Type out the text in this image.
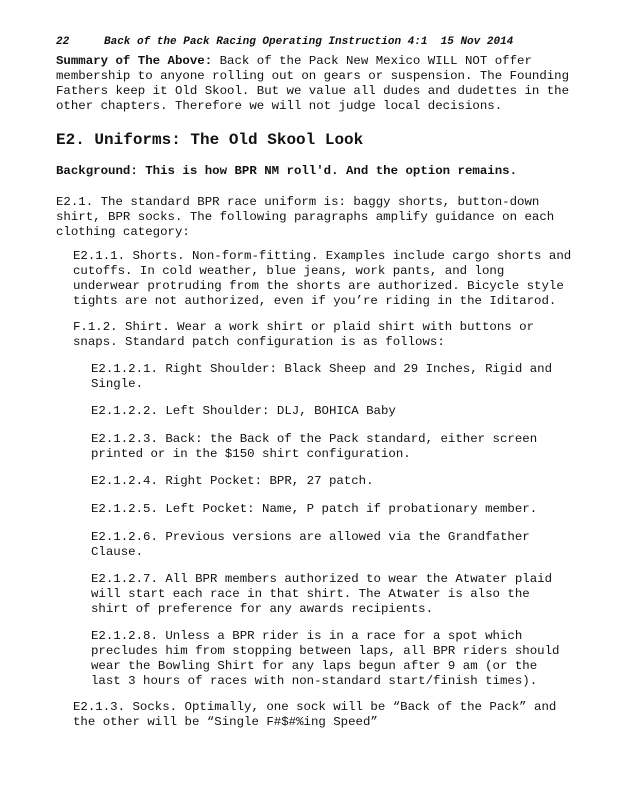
22	Back of the Pack Racing Operating Instruction 4:1 15 Nov 2014
Summary of The Above: Back of the Pack New Mexico WILL NOT offer
membership to anyone rolling out on gears or suspension. The Founding
Fathers keep it Old Skool. But we value all dudes and dudettes in the
other chapters. Therefore we will not judge local decisions.
E2. Uniforms: The Old Skool Look
Background: This is how BPR NM roll'd. And the option remains.
E2.1. The standard BPR race uniform is: baggy shorts, button-down
shirt, BPR socks. The following paragraphs amplify guidance on each
clothing category:
E2.1.1. Shorts. Non-form-fitting. Examples include cargo shorts and
cutoffs. In cold weather, blue jeans, work pants, and long
underwear protruding from the shorts are authorized. Bicycle style
tights are not authorized, even if you’re riding in the Iditarod.
F.1.2. Shirt. Wear a work shirt or plaid shirt with buttons or
snaps. Standard patch configuration is as follows:
E2.1.2.1. Right Shoulder: Black Sheep and 29 Inches, Rigid and
Single.
E2.1.2.2. Left Shoulder: DLJ, BOHICA Baby
E2.1.2.3. Back: the Back of the Pack standard, either screen
printed or in the $150 shirt configuration.
E2.1.2.4. Right Pocket: BPR, 27 patch.
E2.1.2.5. Left Pocket: Name, P patch if probationary member.
E2.1.2.6. Previous versions are allowed via the Grandfather
Clause.
E2.1.2.7. All BPR members authorized to wear the Atwater plaid
will start each race in that shirt. The Atwater is also the
shirt of preference for any awards recipients.
E2.1.2.8. Unless a BPR rider is in a race for a spot which
precludes him from stopping between laps, all BPR riders should
wear the Bowling Shirt for any laps begun after 9 am (or the
last 3 hours of races with non-standard start/finish times).
E2.1.3. Socks. Optimally, one sock will be “Back of the Pack” and
the other will be “Single F#$#%ing Speed”
